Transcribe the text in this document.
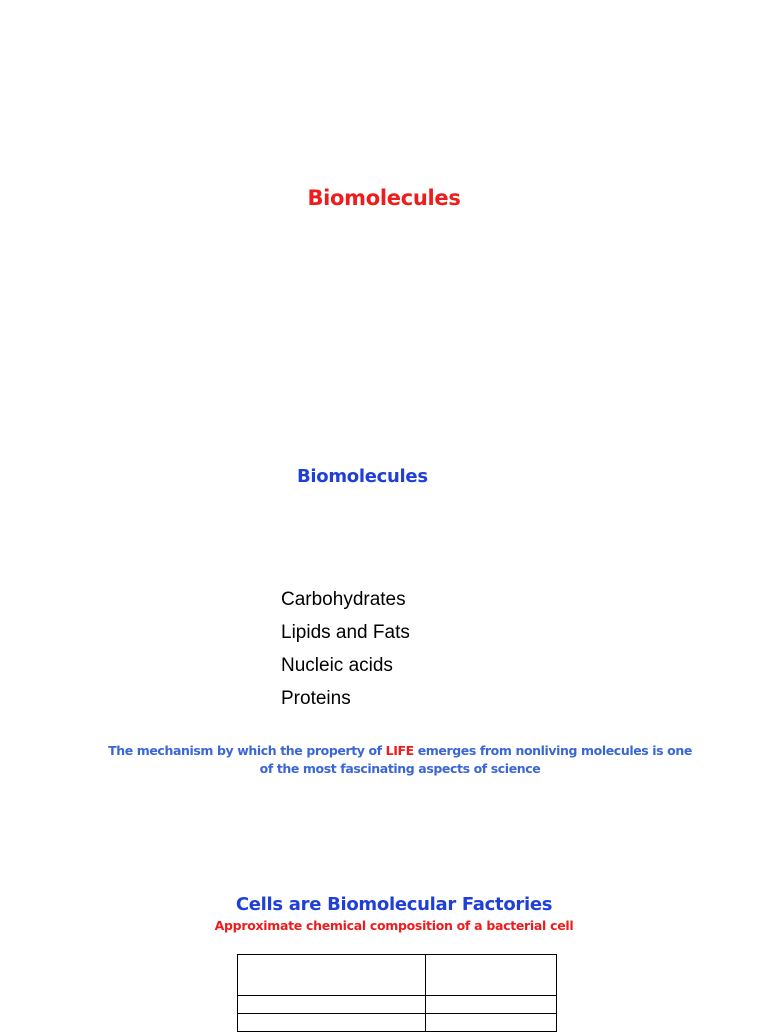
Biomolecules
Biomolecules
Carbohydrates
Lipids and Fats
Nucleic acids
Proteins
The mechanism by which the property of LIFE emerges from nonliving molecules is one of the most fascinating aspects of science
Cells are Biomolecular Factories
Approximate chemical composition of a bacterial cell
